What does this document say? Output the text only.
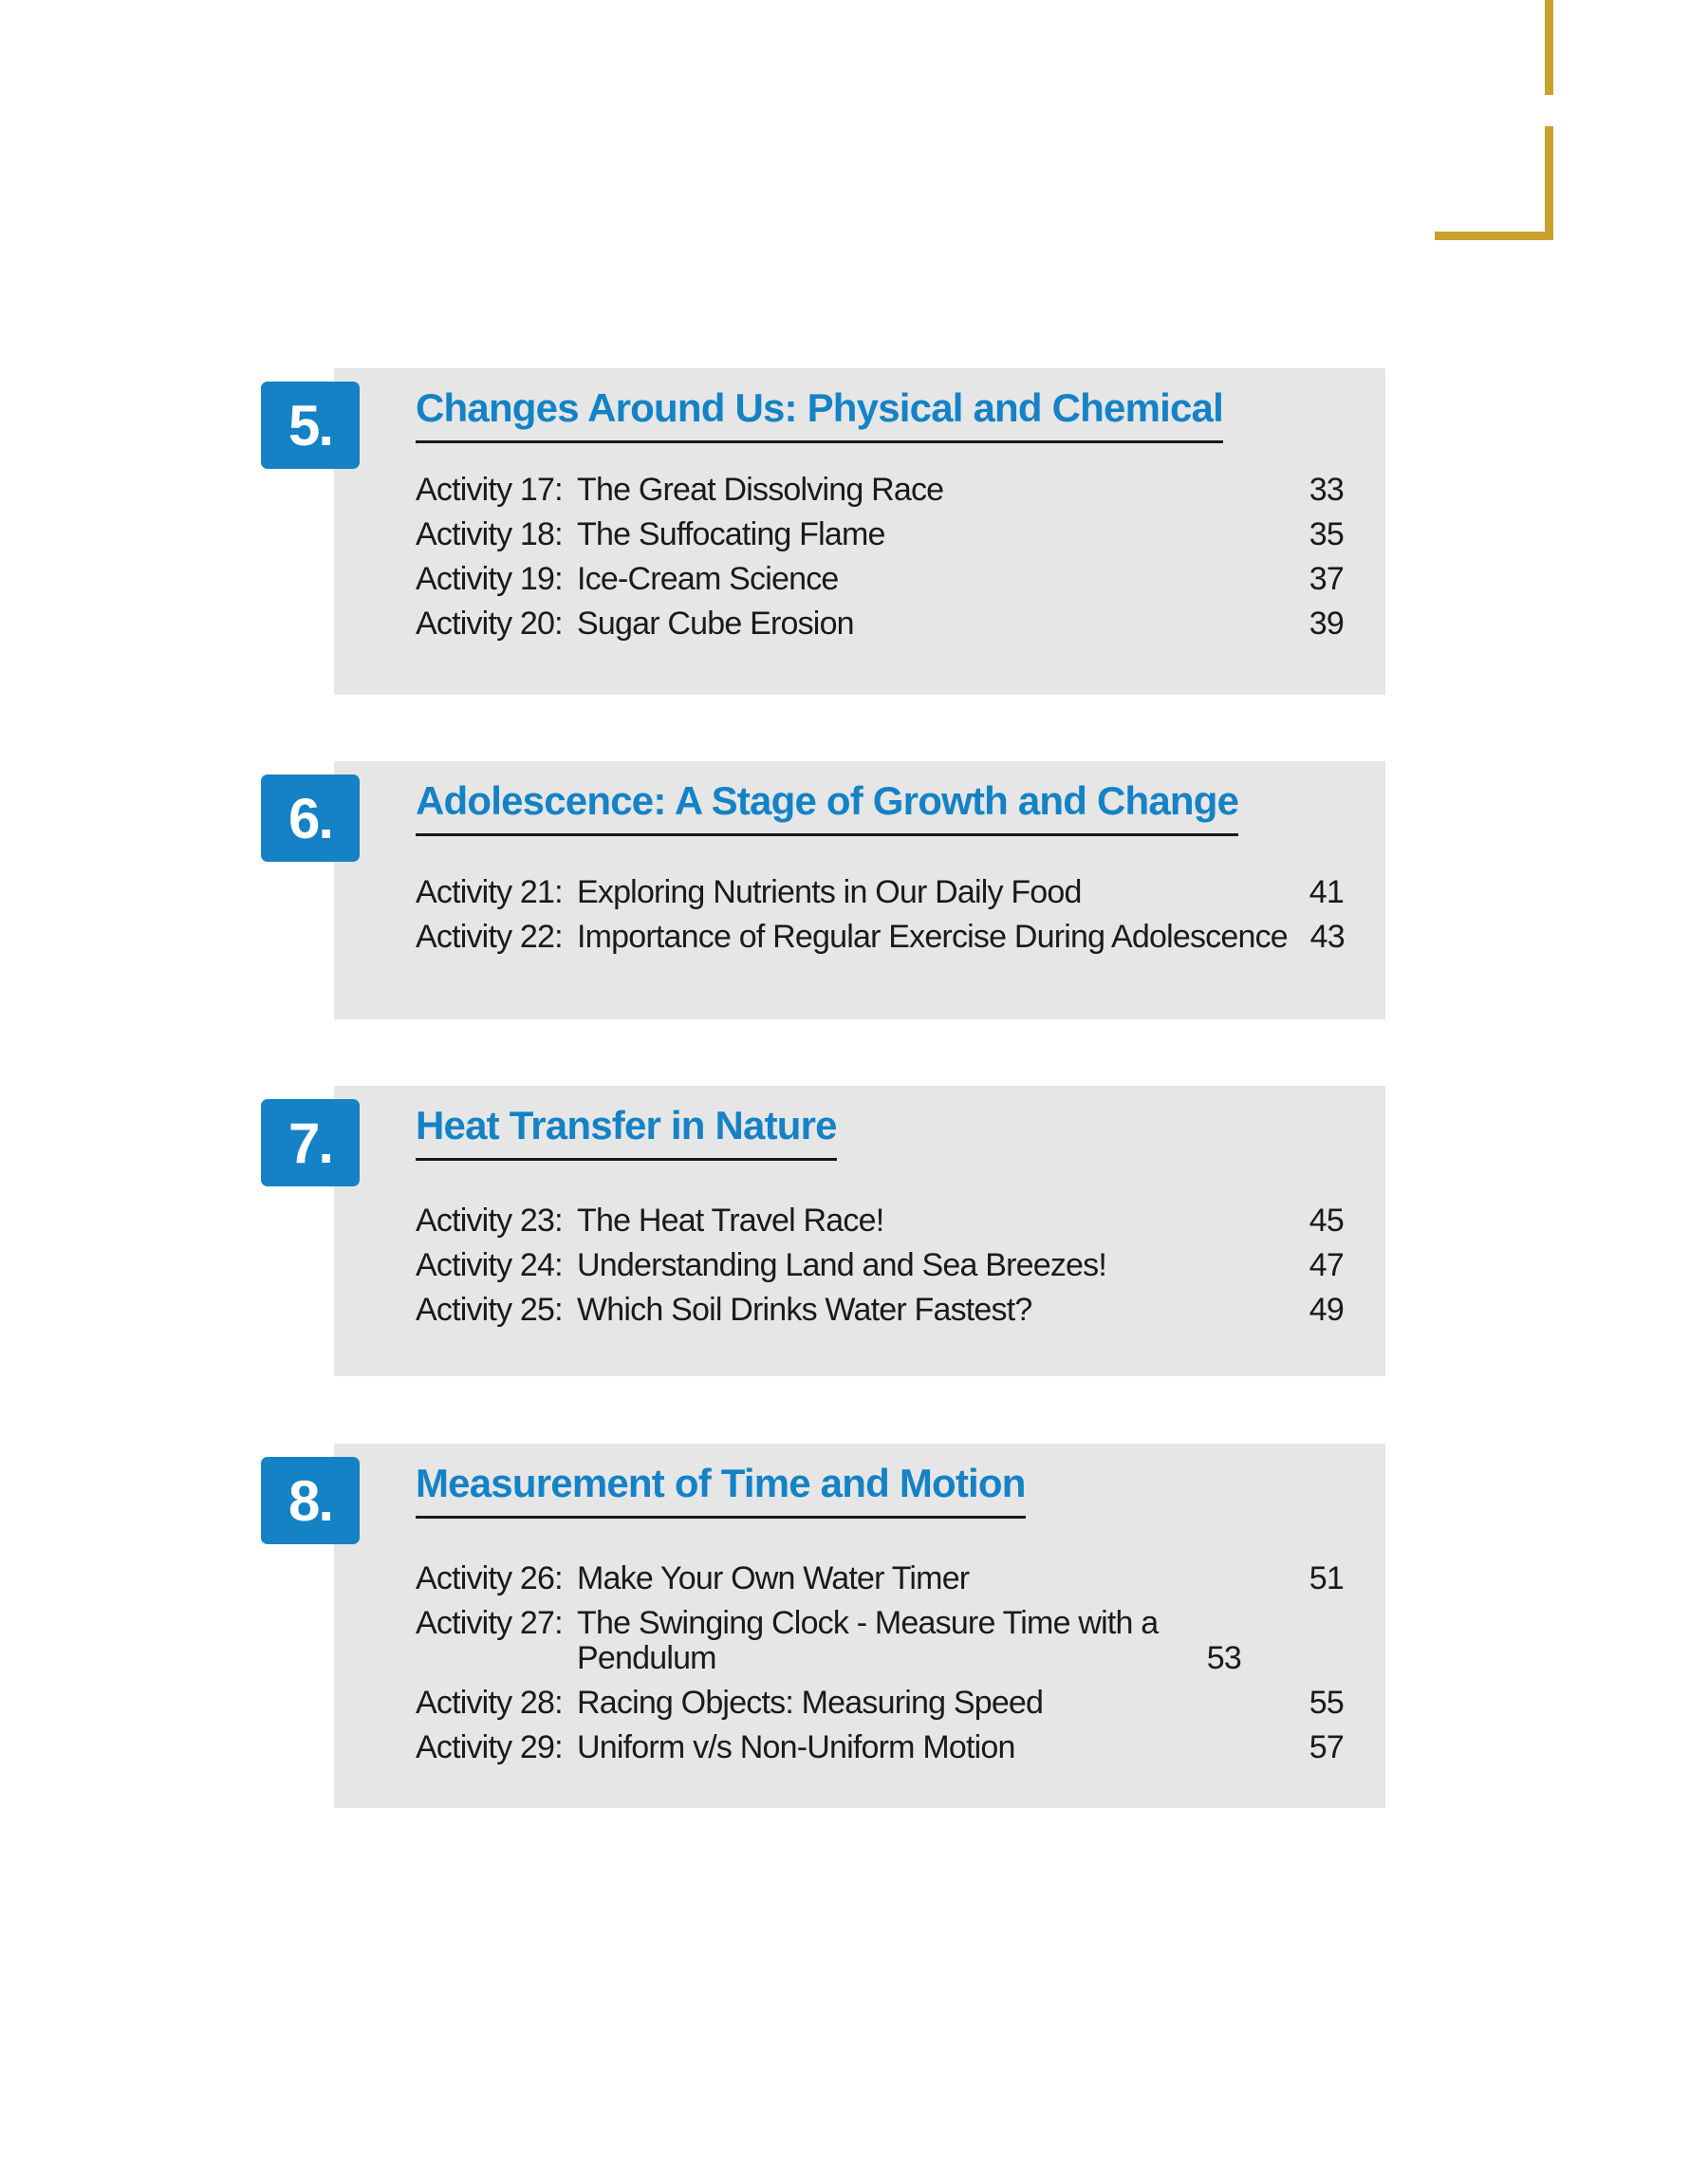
5.	Changes Around Us: Physical and Chemical
Activity 17: The Great Dissolving Race	33
Activity 18: The Suffocating Flame	35
Activity 19: Ice-Cream Science	37
Activity 20: Sugar Cube Erosion	39
6.	Adolescence: A Stage of Growth and Change
Activity 21: Exploring Nutrients in Our Daily Food	41
Activity 22: Importance of Regular Exercise During Adolescence 43
7.	Heat Transfer in Nature
Activity 23: The Heat Travel Race!	45
Activity 24: Understanding Land and Sea Breezes!	47
Activity 25: Which Soil Drinks Water Fastest?	49
8.	Measurement of Time and Motion
Activity 26: Make Your Own Water Timer	51
Activity 27: The Swinging Clock - Measure Time with a Pendulum	53
Activity 28: Racing Objects: Measuring Speed	55
Activity 29: Uniform v/s Non-Uniform Motion	57
